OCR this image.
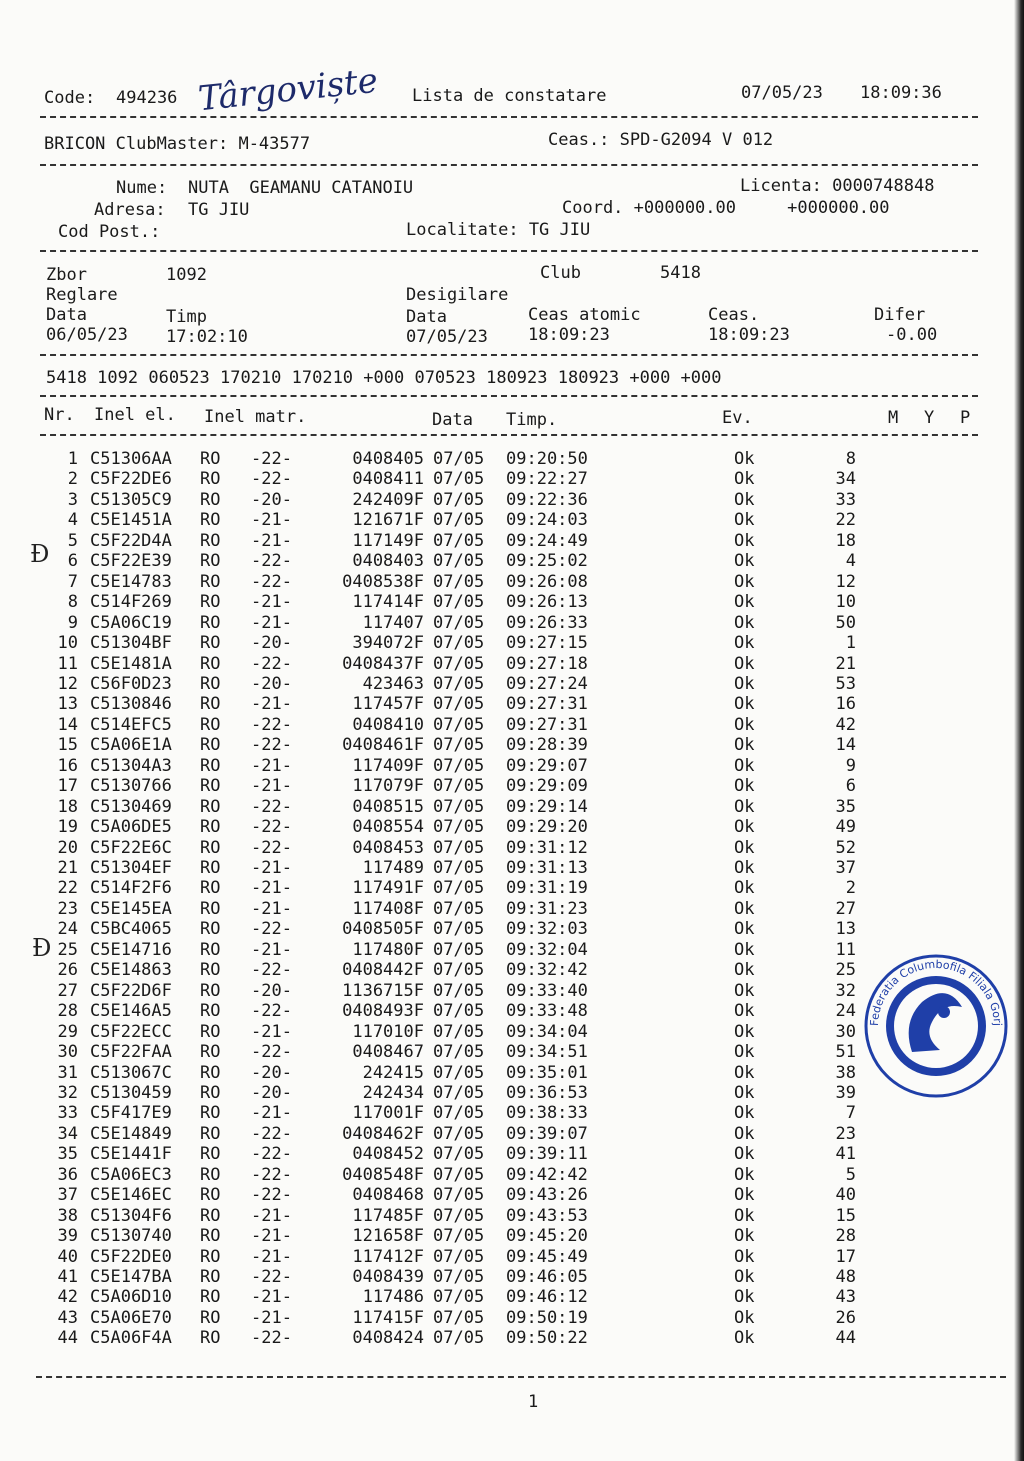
Code: 494236 Târgoviște Lista de constatare	07/05/23 18:09:36
BRICON ClubMaster: M-43577	Ceas.: SPD-G2094 V 012
Nume: NUTA  GEAMANU CATANOIU	Licenta: 0000748848
Adresa: TG JIU	Coord. +000000.00     +000000.00
Cod Post.:	Localitate: TG JIU
Zbor	1092	Club	5418
Reglare	Desigilare
Data	Timp	Data	Ceas atomic	Ceas.	Difer
06/05/23 17:02:10	07/05/23 18:09:23	18:09:23	-0.00
5418 1092 060523 170210 170210 +000 070523 180923 180923 +000 +000
Nr. Inel el. Inel matr.	Data Timp.	Ev.	M Y P
1 C51306AA RO -22-	0408405 07/05 09:20:50	Ok	8
2 C5F22DE6 RO -22-	0408411 07/05 09:22:27	Ok	34
3 C51305C9 RO -20-	242409F 07/05 09:22:36	Ok	33
4 C5E1451A RO -21-	121671F 07/05 09:24:03	Ok	22
5 C5F22D4A RO -21-	117149F 07/05 09:24:49	Ok	18
6 C5F22E39 RO -22-	0408403 07/05 09:25:02	Ok	4
7 C5E14783 RO -22-	0408538F 07/05 09:26:08	Ok	12
8 C514F269 RO -21-	117414F 07/05 09:26:13	Ok	10
9 C5A06C19 RO -21-	117407 07/05 09:26:33	Ok	50
10 C51304BF RO -20-	394072F 07/05 09:27:15	Ok	1
11 C5E1481A RO -22-	0408437F 07/05 09:27:18	Ok	21
12 C56F0D23 RO -20-	423463 07/05 09:27:24	Ok	53
13 C5130846 RO -21-	117457F 07/05 09:27:31	Ok	16
14 C514EFC5 RO -22-	0408410 07/05 09:27:31	Ok	42
15 C5A06E1A RO -22-	0408461F 07/05 09:28:39	Ok	14
16 C51304A3 RO -21-	117409F 07/05 09:29:07	Ok	9
17 C5130766 RO -21-	117079F 07/05 09:29:09	Ok	6
18 C5130469 RO -22-	0408515 07/05 09:29:14	Ok	35
19 C5A06DE5 RO -22-	0408554 07/05 09:29:20	Ok	49
20 C5F22E6C RO -22-	0408453 07/05 09:31:12	Ok	52
21 C51304EF RO -21-	117489 07/05 09:31:13	Ok	37
22 C514F2F6 RO -21-	117491F 07/05 09:31:19	Ok	2
23 C5E145EA RO -21-	117408F 07/05 09:31:23	Ok	27
24 C5BC4065 RO -22-	0408505F 07/05 09:32:03	Ok	13
25 C5E14716 RO -21-	117480F 07/05 09:32:04	Ok	11
26 C5E14863 RO -22-	0408442F 07/05 09:32:42	Ok	25
27 C5F22D6F RO -20-	1136715F 07/05 09:33:40	Ok	32
28 C5E146A5 RO -22-	0408493F 07/05 09:33:48	Ok	24
29 C5F22ECC RO -21-	117010F 07/05 09:34:04	Ok	30
30 C5F22FAA RO -22-	0408467 07/05 09:34:51	Ok	51
31 C513067C RO -20-	242415 07/05 09:35:01	Ok	38
32 C5130459 RO -20-	242434 07/05 09:36:53	Ok	39
33 C5F417E9 RO -21-	117001F 07/05 09:38:33	Ok	7
34 C5E14849 RO -22-	0408462F 07/05 09:39:07	Ok	23
35 C5E1441F RO -22-	0408452 07/05 09:39:11	Ok	41
36 C5A06EC3 RO -22-	0408548F 07/05 09:42:42	Ok	5
37 C5E146EC RO -22-	0408468 07/05 09:43:26	Ok	40
38 C51304F6 RO -21-	117485F 07/05 09:43:53	Ok	15
39 C5130740 RO -21-	121658F 07/05 09:45:20	Ok	28
40 C5F22DE0 RO -21-	117412F 07/05 09:45:49	Ok	17
41 C5E147BA RO -22-	0408439 07/05 09:46:05	Ok	48
42 C5A06D10 RO -21-	117486 07/05 09:46:12	Ok	43
43 C5A06E70 RO -21-	117415F 07/05 09:50:19	Ok	26
44 C5A06F4A RO -22-	0408424 07/05 09:50:22	Ok	44
1
Ɖ
Ɖ
Federatia Columbofila Filiala Gorj
